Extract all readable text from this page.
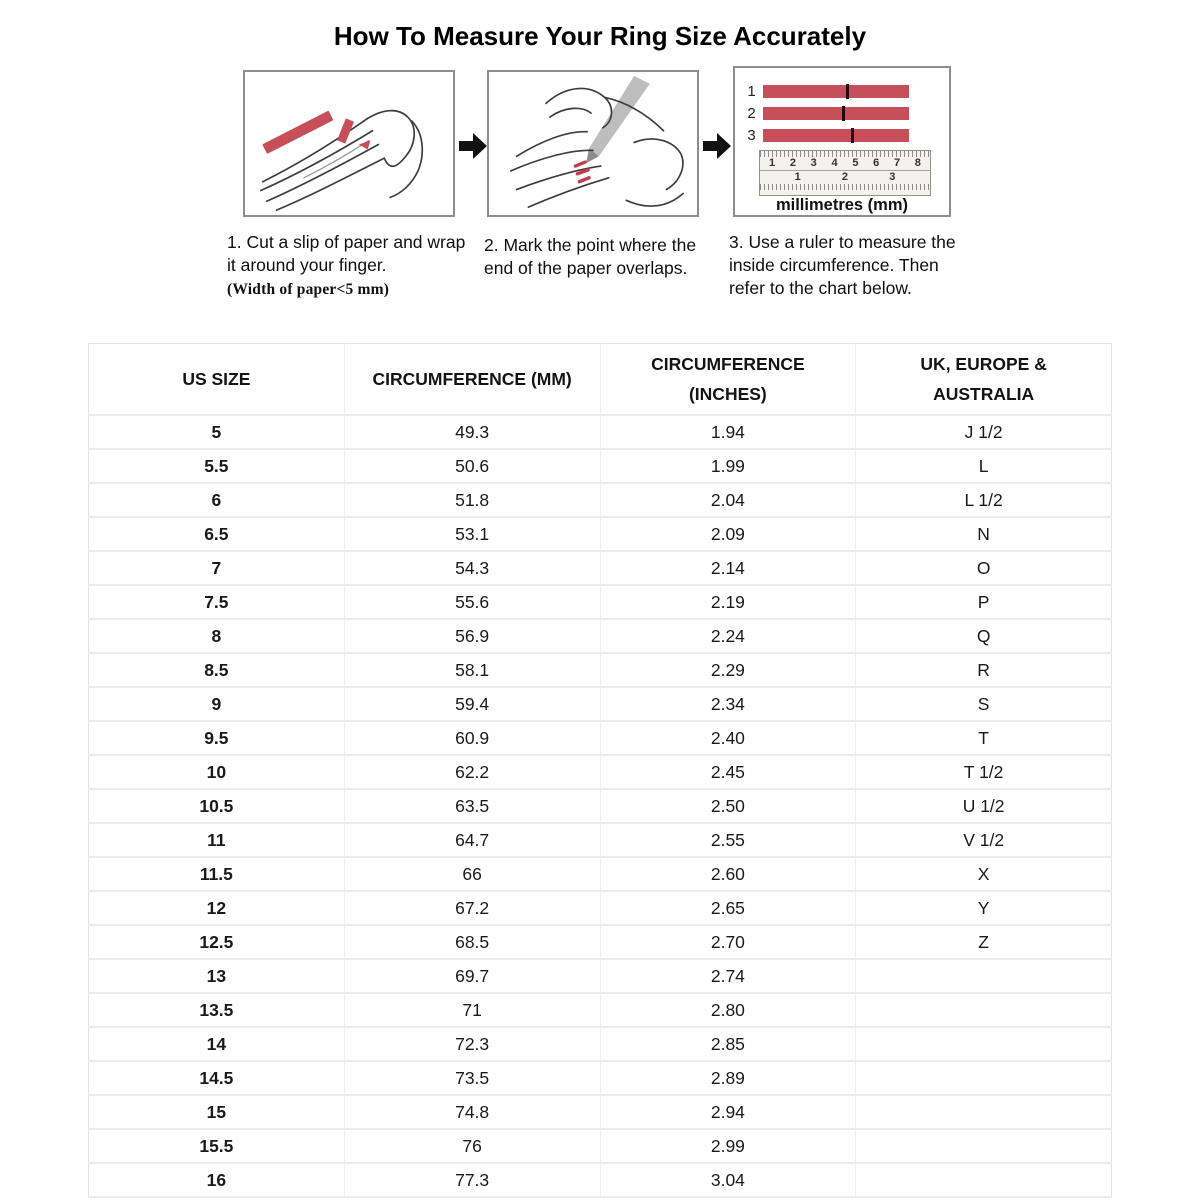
How To Measure Your Ring Size Accurately
1
2
3
1 2 3 4 5 6 7 8
1	2	3
millimetres (mm)
1. Cut a slip of paper and wrap it around your finger.
(Width of paper<5 mm)
2. Mark the point where the end of the paper overlaps.
3. Use a ruler to measure the inside circumference. Then refer to the chart below.
US SIZE	CIRCUMFERENCE (MM)

CIRCUMFERENCE
(INCHES)

UK, EUROPE &
AUSTRALIA

5	49.3	1.94	J 1/2
5.5	50.6	1.99	L
6	51.8	2.04	L 1/2
6.5	53.1	2.09	N
7	54.3	2.14	O
7.5	55.6	2.19	P
8	56.9	2.24	Q
8.5	58.1	2.29	R
9	59.4	2.34	S
9.5	60.9	2.40	T
10	62.2	2.45	T 1/2
10.5	63.5	2.50	U 1/2
11	64.7	2.55	V 1/2
11.5	66	2.60	X
12	67.2	2.65	Y
12.5	68.5	2.70	Z
13	69.7	2.74	
13.5	71	2.80	
14	72.3	2.85	
14.5	73.5	2.89	
15	74.8	2.94	
15.5	76	2.99	
16	77.3	3.04	
